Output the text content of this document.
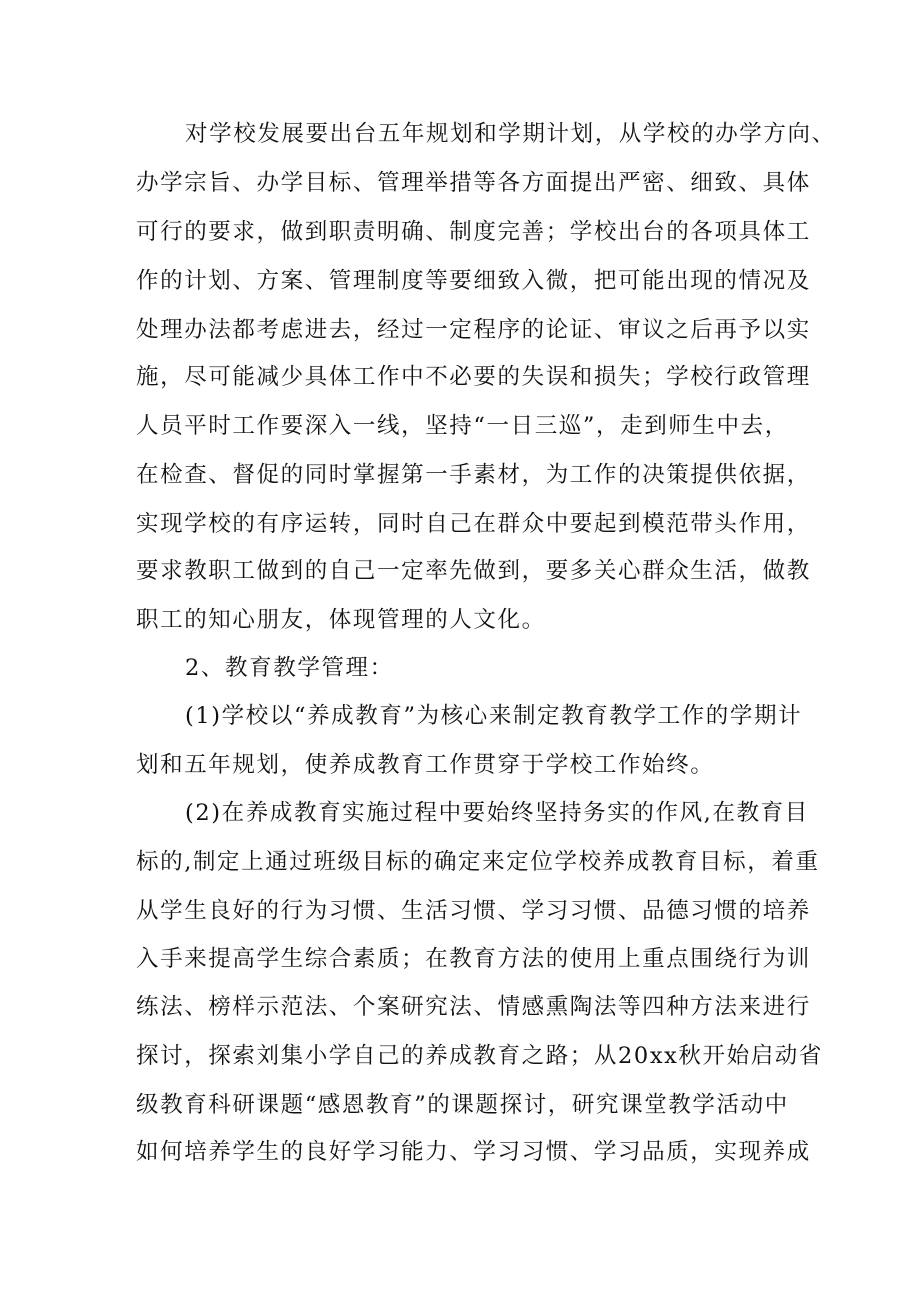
对学校发展要出台五年规划和学期计划，从学校的办学方向、
办学宗旨、办学目标、管理举措等各方面提出严密、细致、具体
可行的要求，做到职责明确、制度完善；学校出台的各项具体工
作的计划、方案、管理制度等要细致入微，把可能出现的情况及
处理办法都考虑进去，经过一定程序的论证、审议之后再予以实
施，尽可能减少具体工作中不必要的失误和损失；学校行政管理
人员平时工作要深入一线，坚持“一日三巡”，走到师生中去，
在检查、督促的同时掌握第一手素材，为工作的决策提供依据，
实现学校的有序运转，同时自己在群众中要起到模范带头作用，
要求教职工做到的自己一定率先做到，要多关心群众生活，做教
职工的知心朋友，体现管理的人文化。
2、教育教学管理：
(1)学校以“养成教育”为核心来制定教育教学工作的学期计
划和五年规划，使养成教育工作贯穿于学校工作始终。
(2)在养成教育实施过程中要始终坚持务实的作风,在教育目
标的,制定上通过班级目标的确定来定位学校养成教育目标，着重
从学生良好的行为习惯、生活习惯、学习习惯、品德习惯的培养
入手来提高学生综合素质；在教育方法的使用上重点围绕行为训
练法、榜样示范法、个案研究法、情感熏陶法等四种方法来进行
探讨，探索刘集小学自己的养成教育之路；从20xx秋开始启动省
级教育科研课题“感恩教育”的课题探讨，研究课堂教学活动中
如何培养学生的良好学习能力、学习习惯、学习品质，实现养成
